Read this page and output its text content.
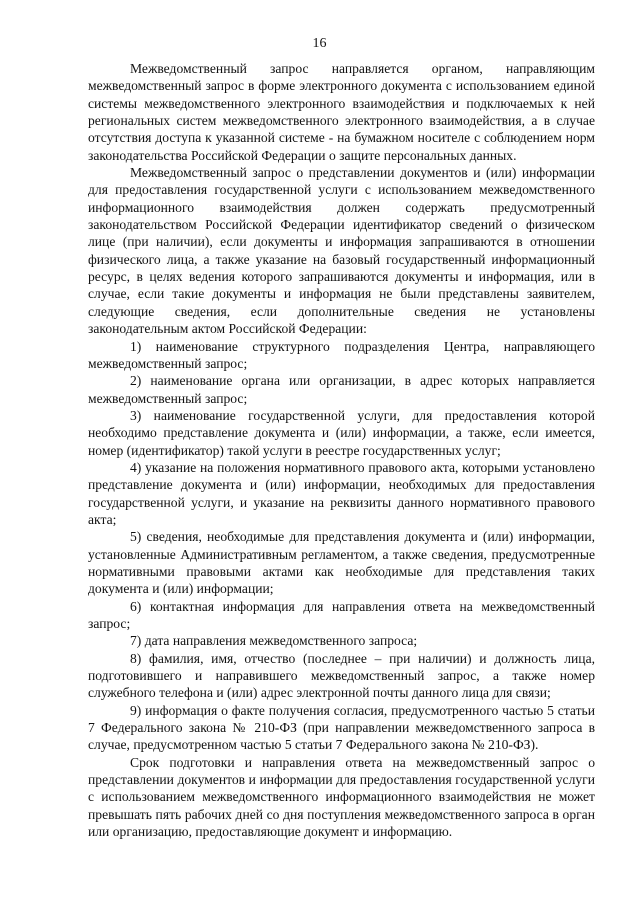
16

Межведомственный запрос направляется органом, направляющим межведомственный запрос в форме электронного документа с использованием единой системы межведомственного электронного взаимодействия и подключаемых к ней региональных систем межведомственного электронного взаимодействия, а в случае отсутствия доступа к указанной системе - на бумажном носителе с соблюдением норм законодательства Российской Федерации о защите персональных данных.

Межведомственный запрос о представлении документов и (или) информации для предоставления государственной услуги с использованием межведомственного информационного взаимодействия должен содержать предусмотренный законодательством Российской Федерации идентификатор сведений о физическом лице (при наличии), если документы и информация запрашиваются в отношении физического лица, а также указание на базовый государственный информационный ресурс, в целях ведения которого запрашиваются документы и информация, или в случае, если такие документы и информация не были представлены заявителем, следующие сведения, если дополнительные сведения не установлены законодательным актом Российской Федерации:

1) наименование структурного подразделения Центра, направляющего межведомственный запрос;

2) наименование органа или организации, в адрес которых направляется межведомственный запрос;

3) наименование государственной услуги, для предоставления которой необходимо представление документа и (или) информации, а также, если имеется, номер (идентификатор) такой услуги в реестре государственных услуг;

4) указание на положения нормативного правового акта, которыми установлено представление документа и (или) информации, необходимых для предоставления государственной услуги, и указание на реквизиты данного нормативного правового акта;

5) сведения, необходимые для представления документа и (или) информации, установленные Административным регламентом, а также сведения, предусмотренные нормативными правовыми актами как необходимые для представления таких документа и (или) информации;

6) контактная информация для направления ответа на межведомственный запрос;

7) дата направления межведомственного запроса;

8) фамилия, имя, отчество (последнее – при наличии) и должность лица, подготовившего и направившего межведомственный запрос, а также номер служебного телефона и (или) адрес электронной почты данного лица для связи;

9) информация о факте получения согласия, предусмотренного частью 5 статьи 7 Федерального закона № 210-ФЗ (при направлении межведомственного запроса в случае, предусмотренном частью 5 статьи 7 Федерального закона № 210-ФЗ).

Срок подготовки и направления ответа на межведомственный запрос о представлении документов и информации для предоставления государственной услуги с использованием межведомственного информационного взаимодействия не может превышать пять рабочих дней со дня поступления межведомственного запроса в орган или организацию, предоставляющие документ и информацию.
